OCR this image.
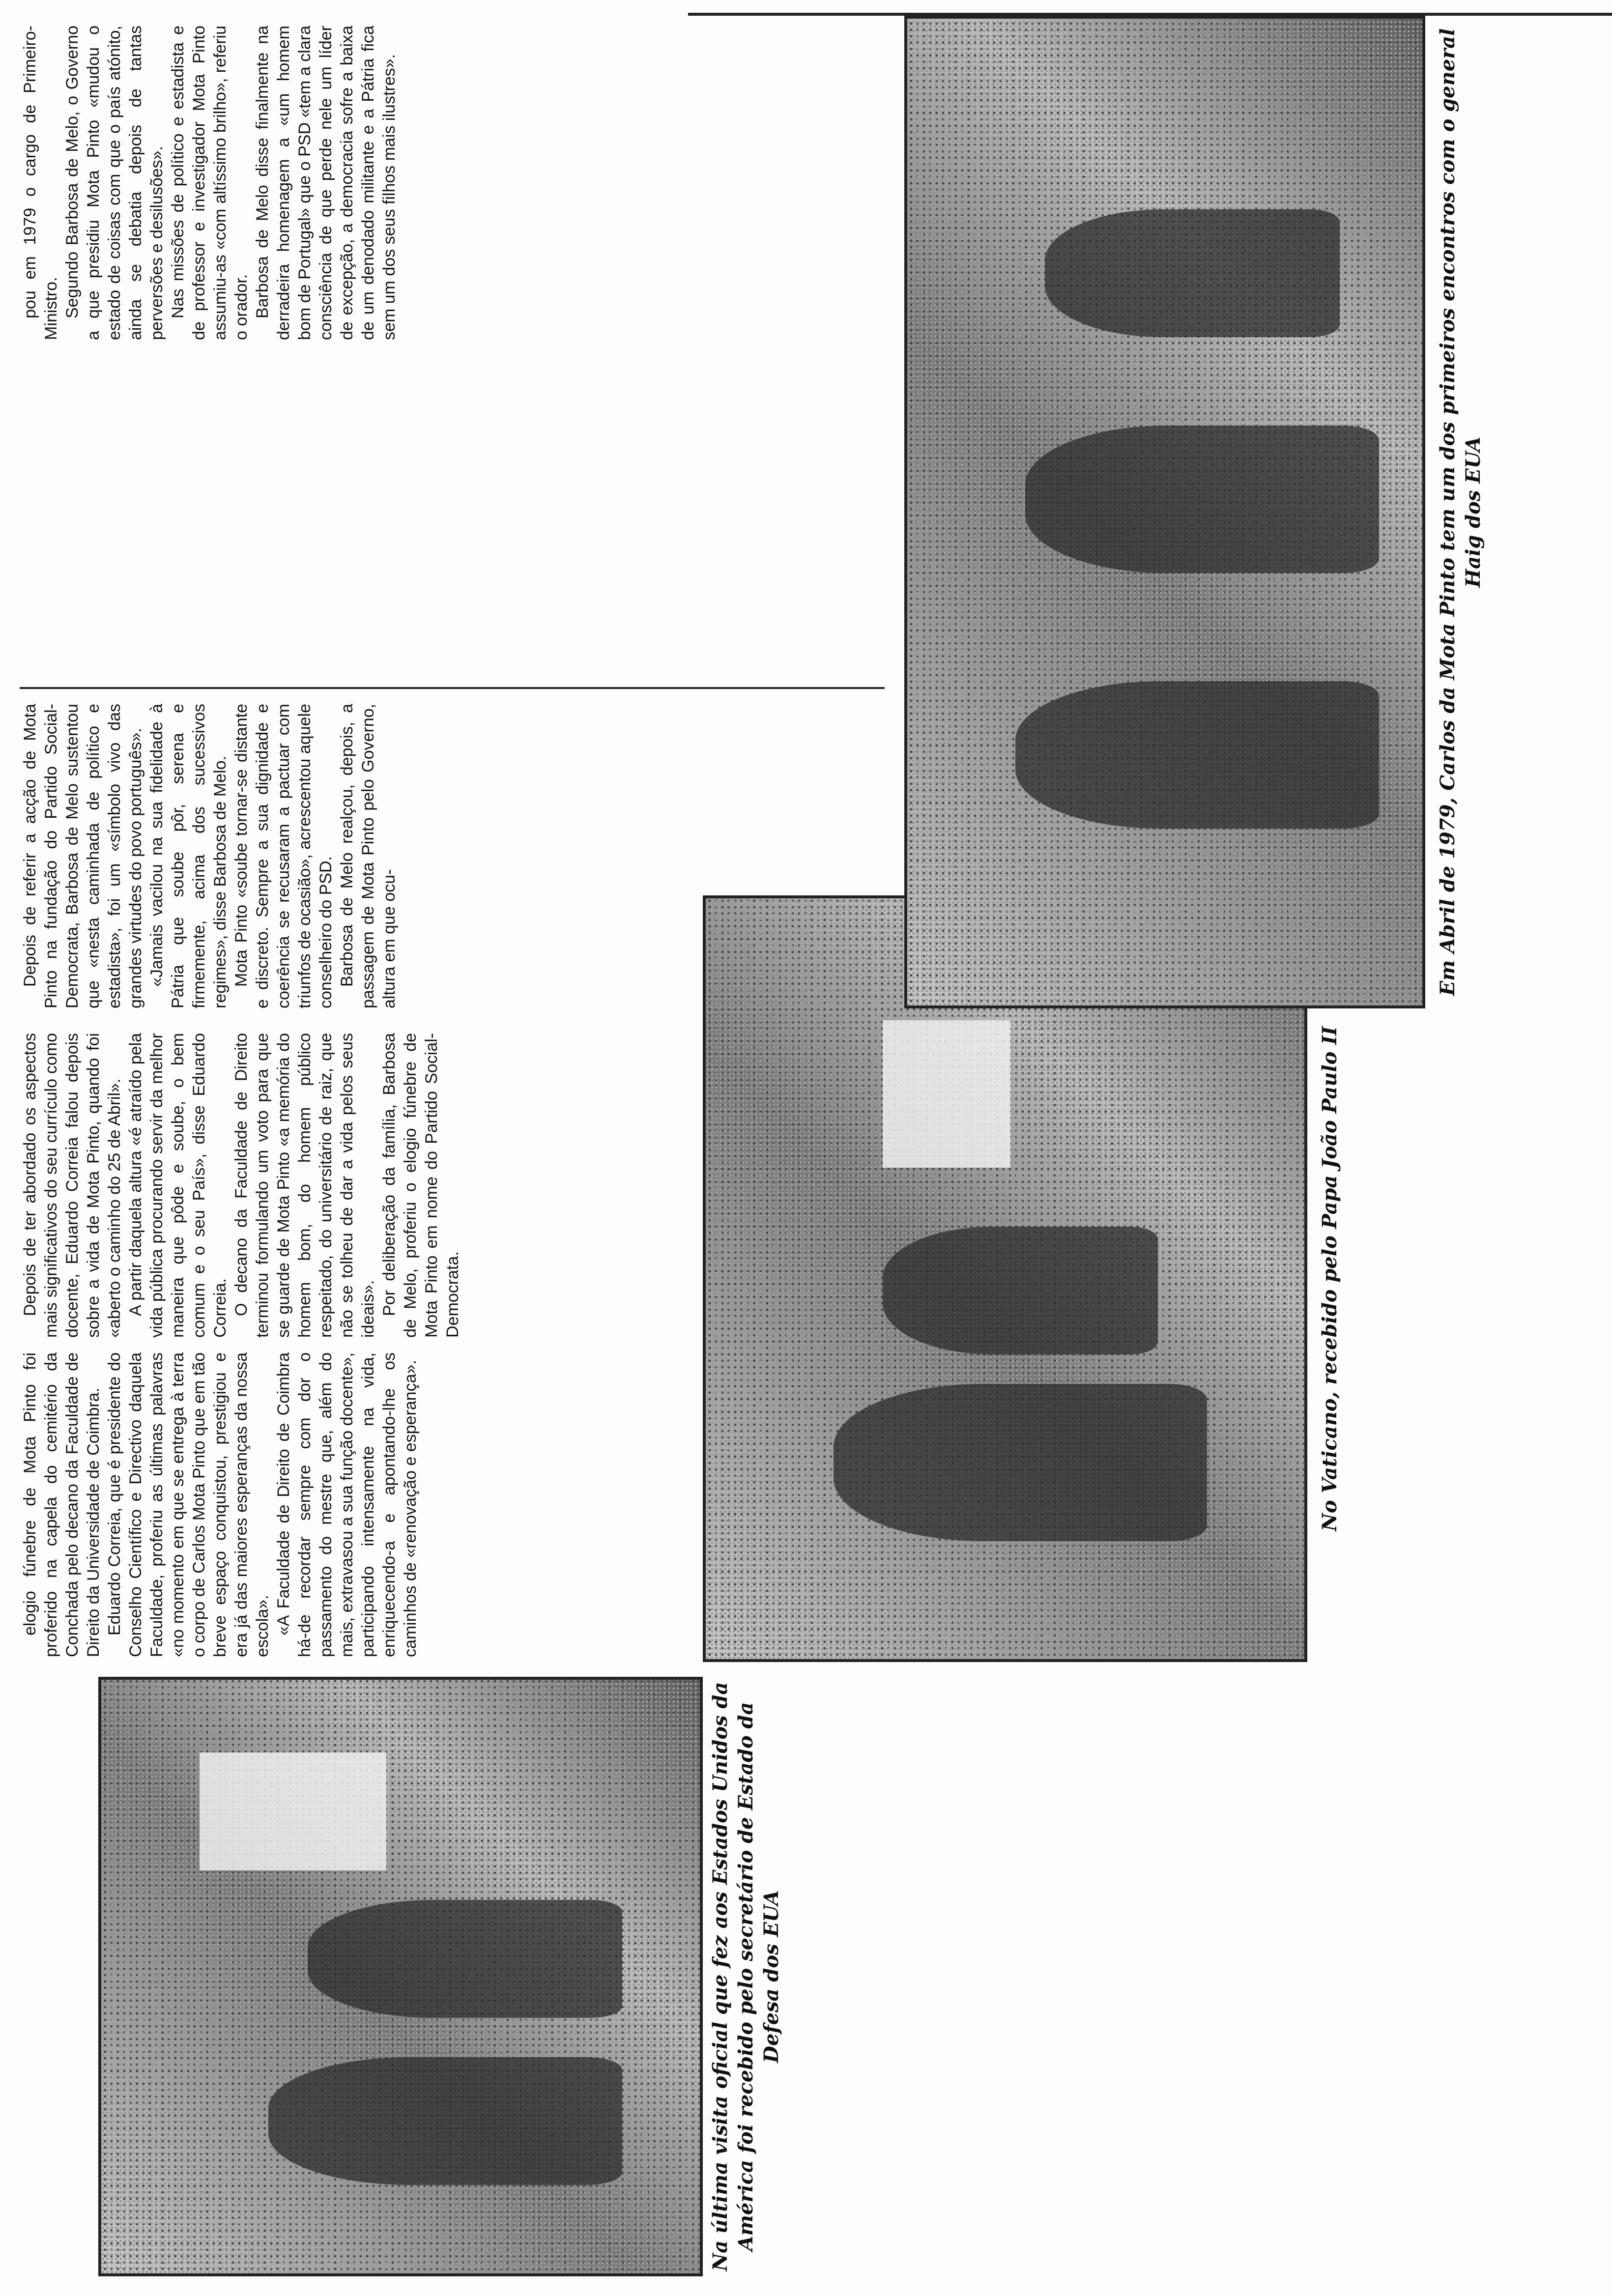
Na última visita oficial que fez aos Estados Unidos da América foi recebido pelo secretário de Estado da Defesa dos EUA
No Vaticano, recebido pelo Papa João Paulo II
Em Abril de 1979, Carlos da Mota Pinto tem um dos primeiros encontros com o general Haig dos EUA

elogio fúnebre de Mota Pinto foi proferido na capela do cemitério da Conchada pelo decano da Faculdade de Direito da Universidade de Coimbra. Eduardo Correia, que é presidente do Conselho Científico e Directivo daquela Faculdade, proferiu as últimas palavras «no momento em que se entrega à terra o corpo de Carlos Mota Pinto que em tão breve espaço conquistou, prestigiou e era já das maiores esperanças da nossa escola». «A Faculdade de Direito de Coimbra há-de recordar sempre com dor o passamento do mestre que, além do mais, extravasou a sua função docente», participando intensamente na vida, enriquecendo-a e apontando-lhe os caminhos de «renovação e esperança».

Depois de ter abordado os aspectos mais significativos do seu currículo como docente, Eduardo Correia falou depois sobre a vida de Mota Pinto, quando foi «aberto o caminho do 25 de Abril». A partir daquela altura «é atraído pela vida pública procurando servir da melhor maneira que pôde e soube, o bem comum e o seu País», disse Eduardo Correia. O decano da Faculdade de Direito terminou formulando um voto para que se guarde de Mota Pinto «a memória do homem bom, do homem público respeitado, do universitário de raiz, que não se tolheu de dar a vida pelos seus ideais». Por deliberação da família, Barbosa de Melo, proferiu o elogio fúnebre de Mota Pinto em nome do Partido Social-Democrata.

Depois de referir a acção de Mota Pinto na fundação do Partido Social-Democrata, Barbosa de Melo sustentou que «nesta caminhada de político e estadista», foi um «símbolo vivo das grandes virtudes do povo português». «Jamais vacilou na sua fidelidade à Pátria que soube pôr, serena e firmemente, acima dos sucessivos regimes», disse Barbosa de Melo. Mota Pinto «soube tornar-se distante e discreto. Sempre a sua dignidade e coerência se recusaram a pactuar com triunfos de ocasião», acrescentou aquele conselheiro do PSD. Barbosa de Melo realçou, depois, a passagem de Mota Pinto pelo Governo, altura em que ocu-

pou em 1979 o cargo de Primeiro-Ministro. Segundo Barbosa de Melo, o Governo a que presidiu Mota Pinto «mudou o estado de coisas com que o país atónito, ainda se debatia depois de tantas perversões e desilusões». Nas missões de político e estadista e de professor e investigador Mota Pinto assumiu-as «com altíssimo brilho», referiu o orador. Barbosa de Melo disse finalmente na derradeira homenagem a «um homem bom de Portugal» que o PSD «tem a clara consciência de que perde nele um líder de excepção, a democracia sofre a baixa de um denodado militante e a Pátria fica sem um dos seus filhos mais ilustres».
